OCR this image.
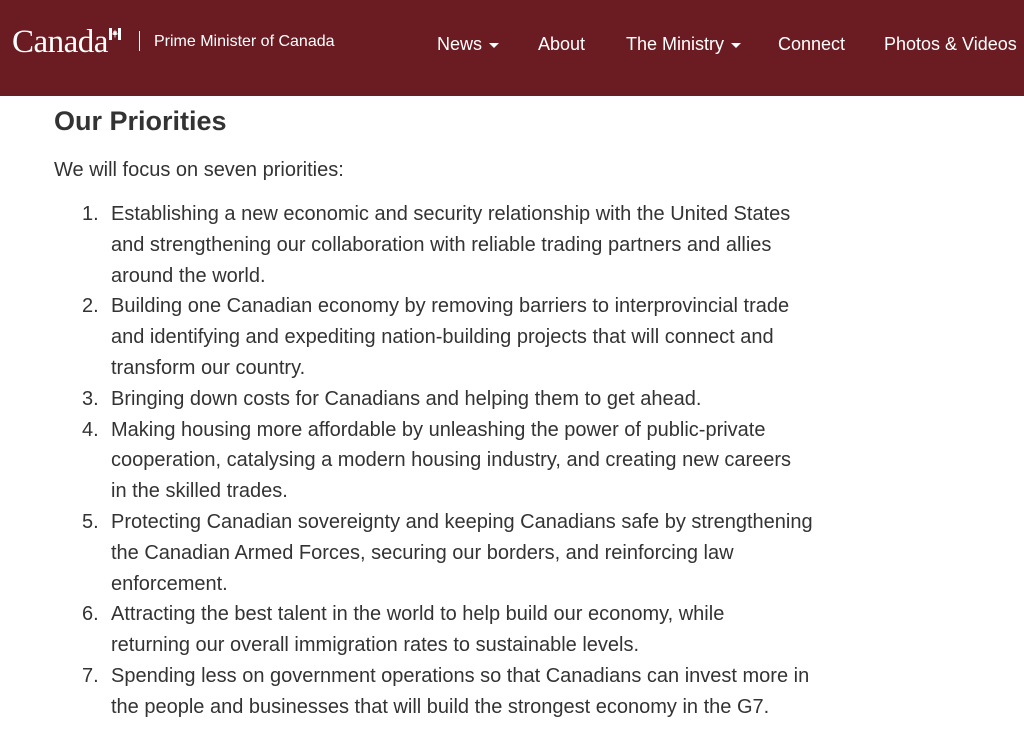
Canada	Prime Minister of Canada	News	About The Ministry	Connect Photos & Videos
Our Priorities

We will focus on seven priorities:

1. Establishing a new economic and security relationship with the United States
and strengthening our collaboration with reliable trading partners and allies
around the world.
2. Building one Canadian economy by removing barriers to interprovincial trade
and identifying and expediting nation-building projects that will connect and
transform our country.
3. Bringing down costs for Canadians and helping them to get ahead.
4. Making housing more affordable by unleashing the power of public-private
cooperation, catalysing a modern housing industry, and creating new careers
in the skilled trades.
5. Protecting Canadian sovereignty and keeping Canadians safe by strengthening
the Canadian Armed Forces, securing our borders, and reinforcing law
enforcement.
6. Attracting the best talent in the world to help build our economy, while
returning our overall immigration rates to sustainable levels.
7. Spending less on government operations so that Canadians can invest more in
the people and businesses that will build the strongest economy in the G7.
